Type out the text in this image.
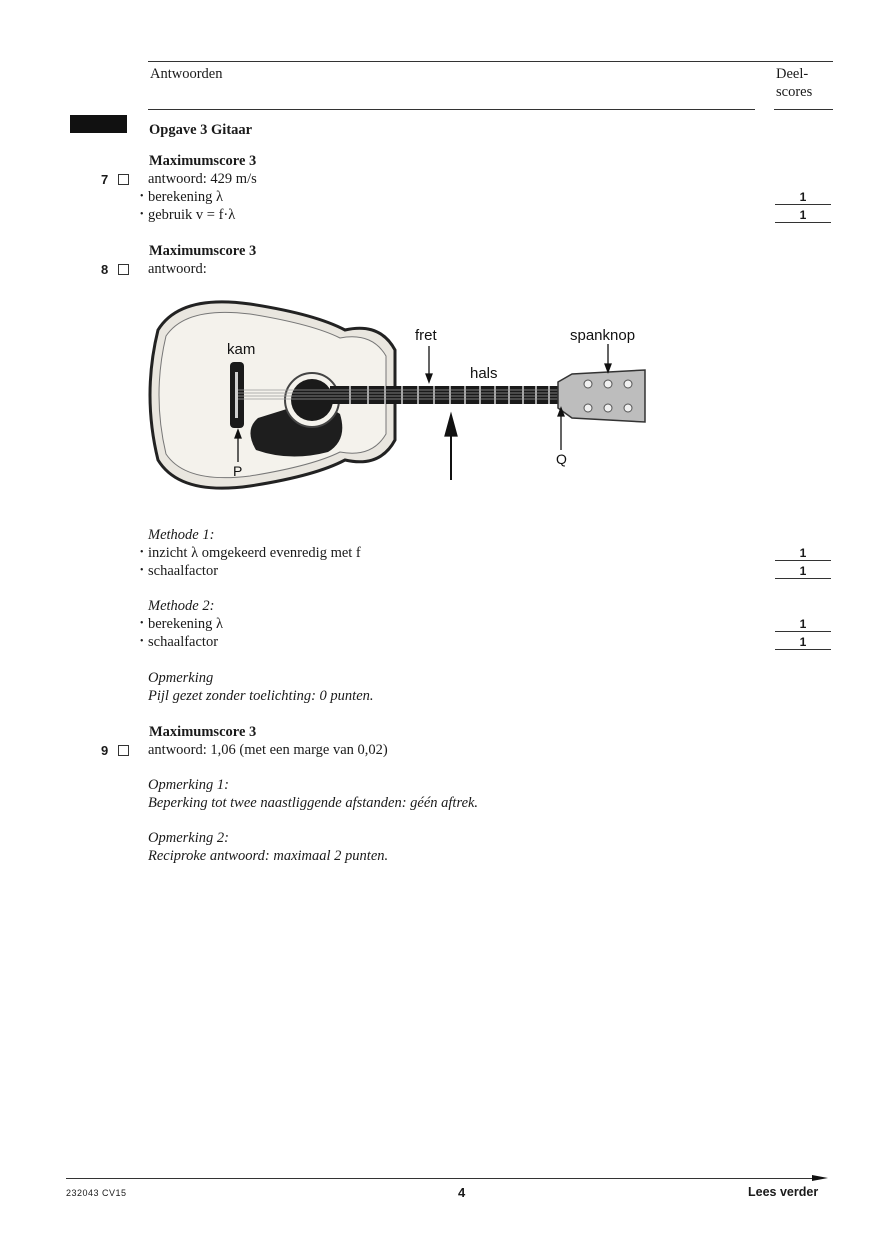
Antwoorden	Deel-
scores
Opgave 3 Gitaar
Maximumscore 3
7	antwoord: 429 m/s
• berekening λ	1
• gebruik v = f·λ	1
Maximumscore 3
8	antwoord:
kam
fret
hals
spanknop
P
Q
Methode 1:
• inzicht λ omgekeerd evenredig met f	1
• schaalfactor	1
Methode 2:
• berekening λ	1
• schaalfactor	1
Opmerking
Pijl gezet zonder toelichting: 0 punten.
Maximumscore 3
9	antwoord: 1,06 (met een marge van 0,02)
Opmerking 1:
Beperking tot twee naastliggende afstanden: géén aftrek.
Opmerking 2:
Reciproke antwoord: maximaal 2 punten.
232043 CV15	4	Lees verder
